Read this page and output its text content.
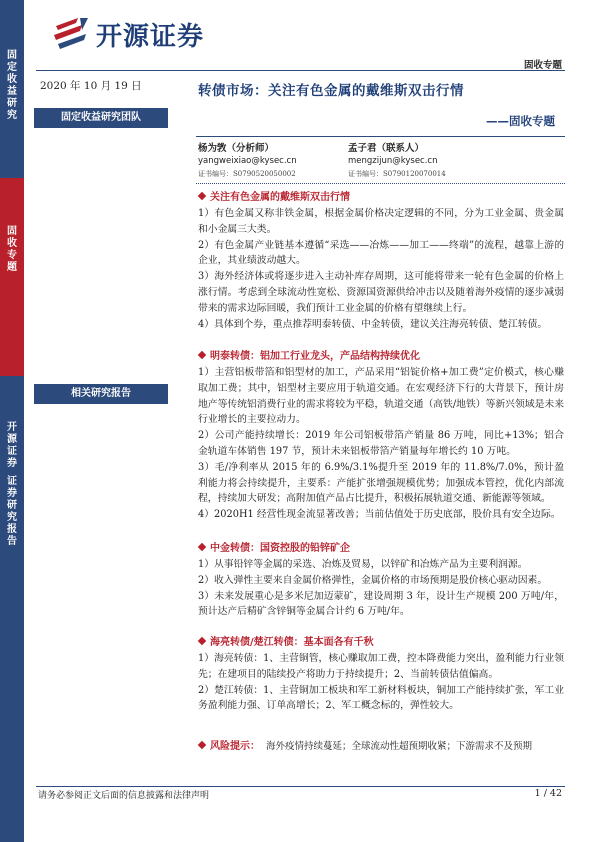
固
定
收
益
研
究
固
收
专
题
开
源
证
券
证
券
研
究
报
告
开源证券
固收专题
2020 年 10 月 19 日
固定收益研究团队
相关研究报告
转债市场：关注有色金属的戴维斯双击行情
——固收专题
杨为敩（分析师）
yangweixiao@kysec.cn
证书编号：S0790520050002
孟子君（联系人）
mengzijun@kysec.cn
证书编号：S0790120070014
关注有色金属的戴维斯双击行情

1）有色金属又称非铁金属，根据金属价格决定逻辑的不同，分为工业金属、贵金属和小金属三大类。

2）有色金属产业链基本遵循“采选——冶炼——加工——终端”的流程，越靠上游的企业，其业绩波动越大。

3）海外经济体或将逐步进入主动补库存周期，这可能将带来一轮有色金属的价格上涨行情。考虑到全球流动性宽松、资源国资源供给冲击以及随着海外疫情的逐步减弱带来的需求边际回暖，我们预计工业金属的价格有望继续上行。

4）具体到个券，重点推荐明泰转债、中金转债，建议关注海亮转债、楚江转债。

明泰转债：铝加工行业龙头，产品结构持续优化

1）主营铝板带箔和铝型材的加工，产品采用“铝锭价格+加工费”定价模式，核心赚取加工费；其中，铝型材主要应用于轨道交通。在宏观经济下行的大背景下，预计房地产等传统铝消费行业的需求将较为平稳，轨道交通（高铁/地铁）等新兴领域是未来行业增长的主要拉动力。

2）公司产能持续增长：2019 年公司铝板带箔产销量 86 万吨，同比+13%；铝合金轨道车体销售 197 节，预计未来铝板带箔产销量每年增长约 10 万吨。

3）毛/净利率从 2015 年的 6.9%/3.1%提升至 2019 年的 11.8%/7.0%，预计盈利能力将会持续提升，主要系：产能扩张增强规模优势；加强成本管控，优化内部流程，持续加大研发；高附加值产品占比提升，积极拓展轨道交通、新能源等领域。

4）2020H1 经营性现金流显著改善；当前估值处于历史底部，股价具有安全边际。

中金转债：国资控股的铅锌矿企

1）从事铅锌等金属的采选、冶炼及贸易，以锌矿和冶炼产品为主要利润源。

2）收入弹性主要来自金属价格弹性，金属价格的市场预期是股价核心驱动因素。

3）未来发展重心是多米尼加迈蒙矿，建设周期 3 年，设计生产规模 200 万吨/年，预计达产后精矿含锌铜等金属合计约 6 万吨/年。

海亮转债/楚江转债：基本面各有千秋

1）海亮转债：1、主营铜管，核心赚取加工费，控本降费能力突出，盈利能力行业领先；在建项目的陆续投产将助力于持续提升；2、当前转债估值偏高。

2）楚江转债：1、主营铜加工板块和军工新材料板块，铜加工产能持续扩张，军工业务盈利能力强、订单高增长；2、军工概念标的，弹性较大。

风险提示： 海外疫情持续蔓延；全球流动性超预期收紧；下游需求不及预期
请务必参阅正文后面的信息披露和法律声明	1 / 42
